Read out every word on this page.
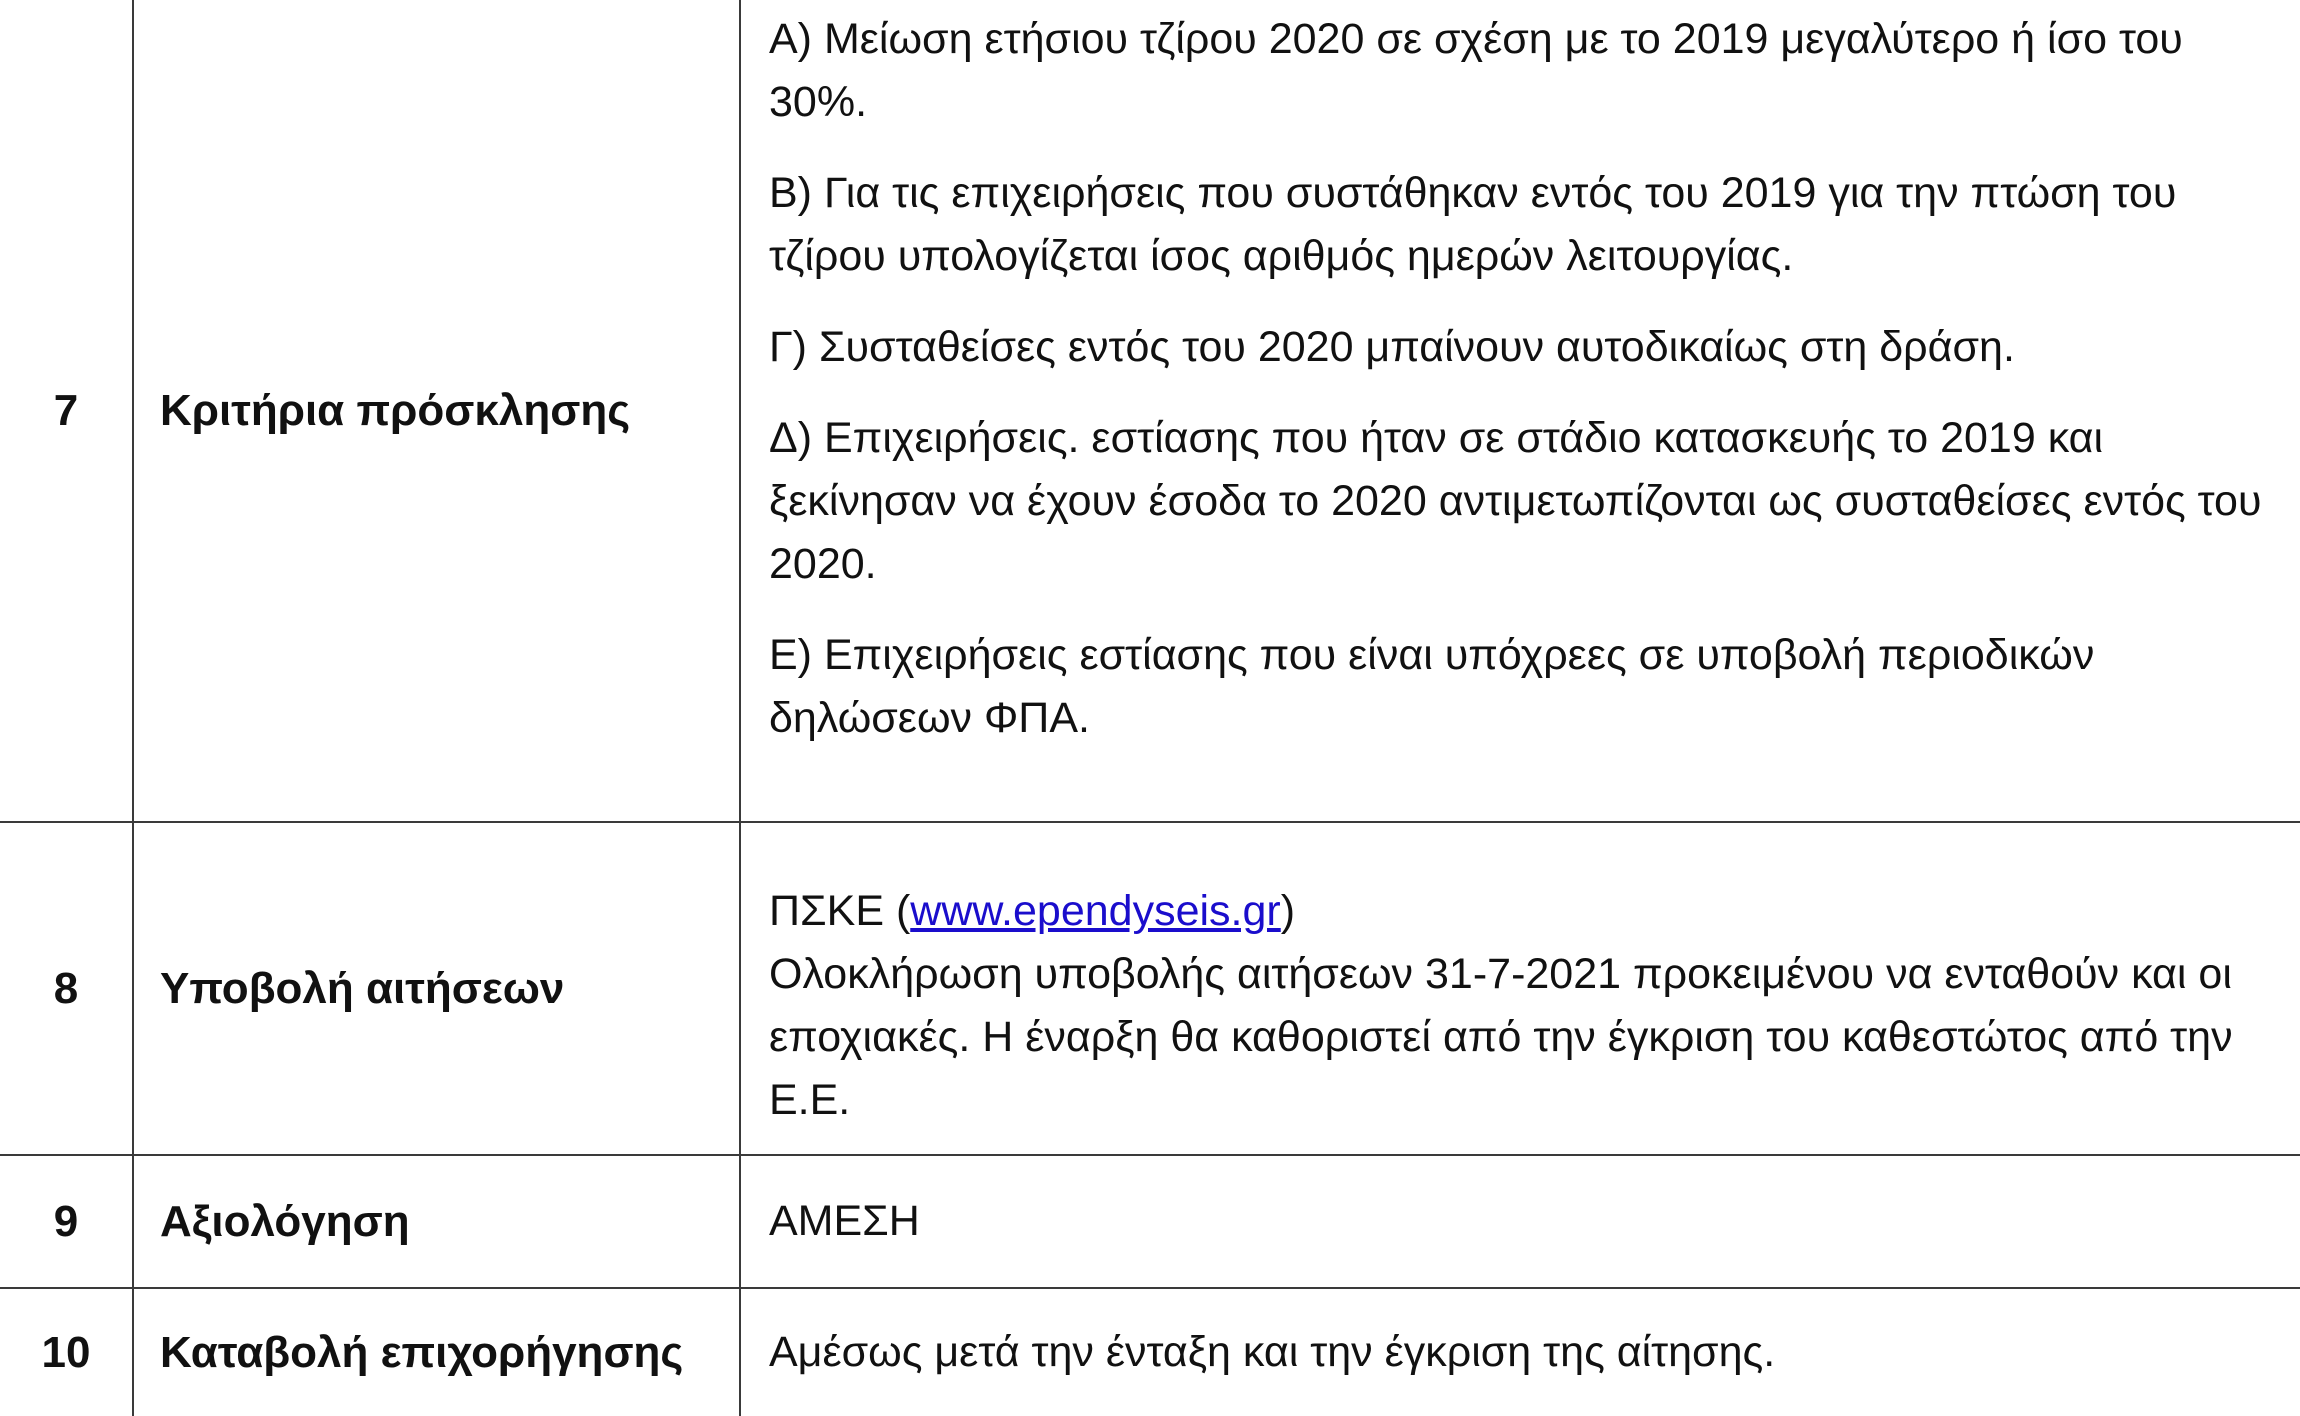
7	Κριτήρια πρόσκλησης	Α) Μείωση ετήσιου τζίρου 2020 σε σχέση με το 2019 μεγαλύτερο ή ίσο του 30%.

Β) Για τις επιχειρήσεις που συστάθηκαν εντός του 2019 για την πτώση του τζίρου υπολογίζεται ίσος αριθμός ημερών λειτουργίας.

Γ) Συσταθείσες εντός του 2020 μπαίνουν αυτοδικαίως στη δράση.

Δ) Επιχειρήσεις. εστίασης που ήταν σε στάδιο κατασκευής το 2019 και ξεκίνησαν να έχουν έσοδα το 2020 αντιμετωπίζονται ως συσταθείσες εντός του 2020.

Ε) Επιχειρήσεις εστίασης που είναι υπόχρεες σε υποβολή περιοδικών δηλώσεων ΦΠΑ.

8	Υποβολή αιτήσεων	ΠΣΚΕ (www.ependyseis.gr)
Ολοκλήρωση υποβολής αιτήσεων 31-7-2021 προκειμένου να ενταθούν και οι εποχιακές. Η έναρξη θα καθοριστεί από την έγκριση του καθεστώτος από την Ε.Ε.

9	Αξιολόγηση	ΑΜΕΣΗ
10	Καταβολή επιχορήγησης	Αμέσως μετά την ένταξη και την έγκριση της αίτησης.
